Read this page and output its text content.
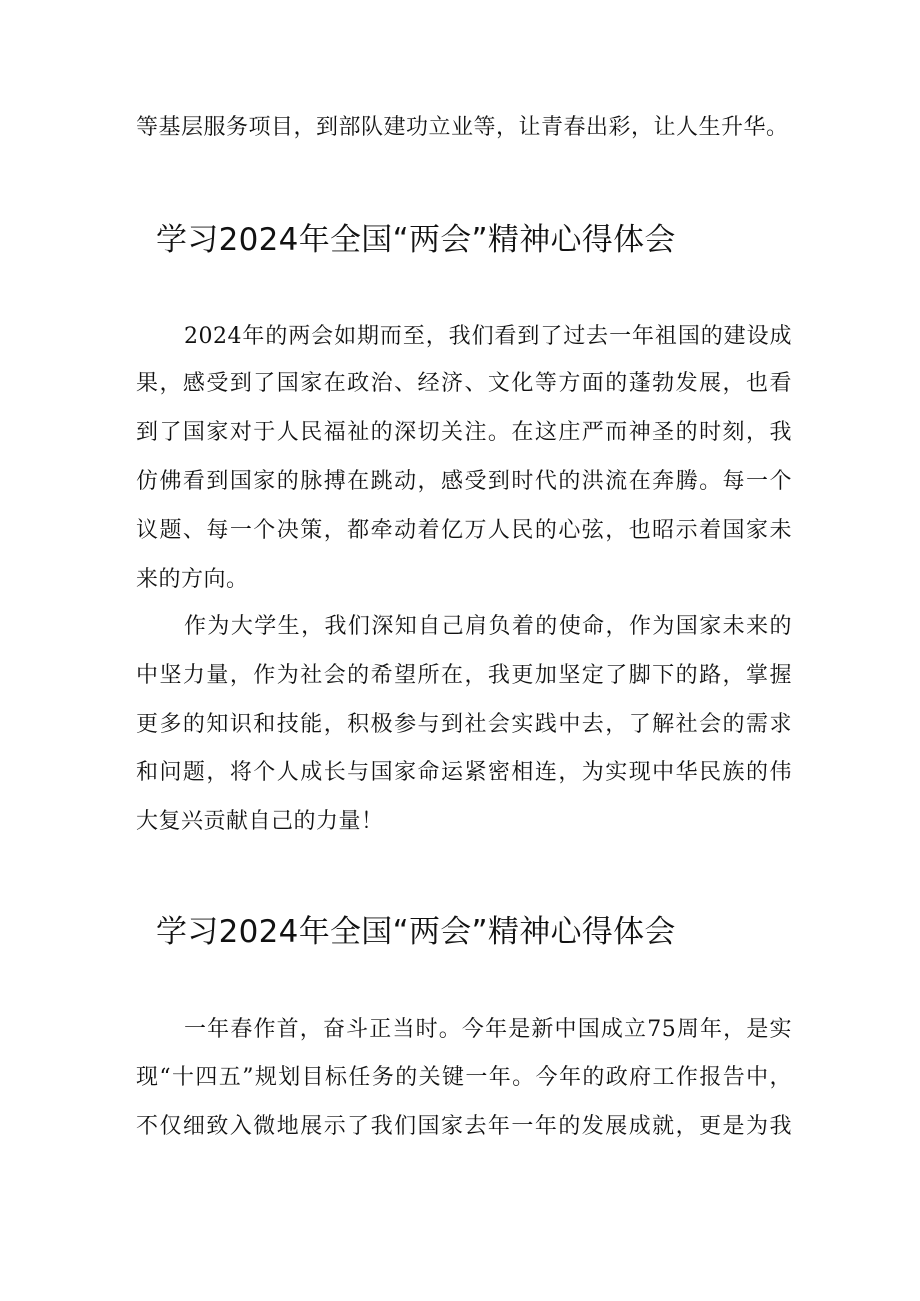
等基层服务项目，到部队建功立业等，让青春出彩，让人生升华。
学习2024年全国“两会”精神心得体会
2024年的两会如期而至，我们看到了过去一年祖国的建设成
果，感受到了国家在政治、经济、文化等方面的蓬勃发展，也看
到了国家对于人民福祉的深切关注。在这庄严而神圣的时刻，我
仿佛看到国家的脉搏在跳动，感受到时代的洪流在奔腾。每一个
议题、每一个决策，都牵动着亿万人民的心弦，也昭示着国家未
来的方向。
作为大学生，我们深知自己肩负着的使命，作为国家未来的
中坚力量，作为社会的希望所在，我更加坚定了脚下的路，掌握
更多的知识和技能，积极参与到社会实践中去，了解社会的需求
和问题，将个人成长与国家命运紧密相连，为实现中华民族的伟
大复兴贡献自己的力量！
学习2024年全国“两会”精神心得体会
一年春作首，奋斗正当时。今年是新中国成立75周年，是实
现“十四五”规划目标任务的关键一年。今年的政府工作报告中，
不仅细致入微地展示了我们国家去年一年的发展成就，更是为我
